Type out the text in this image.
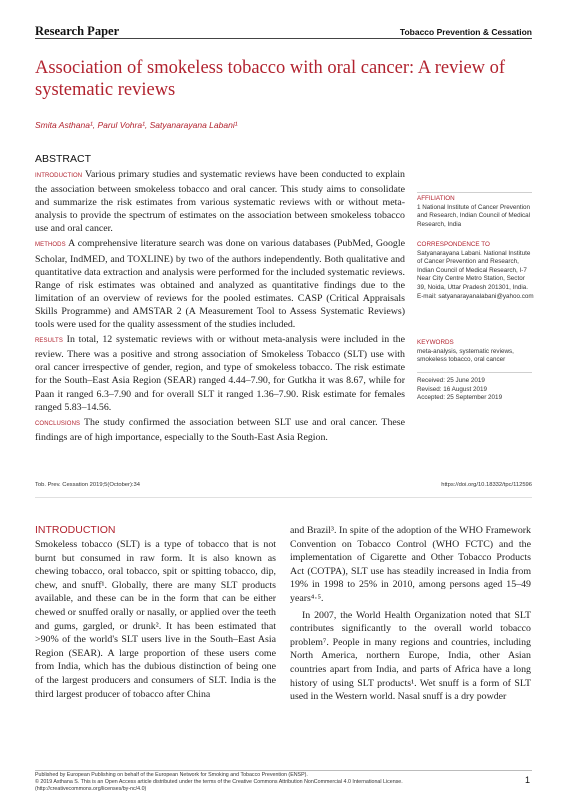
Research Paper	Tobacco Prevention & Cessation
Association of smokeless tobacco with oral cancer: A review of systematic reviews
Smita Asthana¹, Parul Vohra¹, Satyanarayana Labani¹
ABSTRACT

INTRODUCTION Various primary studies and systematic reviews have been conducted to explain the association between smokeless tobacco and oral cancer. This study aims to consolidate and summarize the risk estimates from various systematic reviews with or without meta-analysis to provide the spectrum of estimates on the association between smokeless tobacco use and oral cancer.

METHODS A comprehensive literature search was done on various databases (PubMed, Google Scholar, IndMED, and TOXLINE) by two of the authors independently. Both qualitative and quantitative data extraction and analysis were performed for the included systematic reviews. Range of risk estimates was obtained and analyzed as quantitative findings due to the limitation of an overview of reviews for the pooled estimates. CASP (Critical Appraisals Skills Programme) and AMSTAR 2 (A Measurement Tool to Assess Systematic Reviews) tools were used for the quality assessment of the studies included.

RESULTS In total, 12 systematic reviews with or without meta-analysis were included in the review. There was a positive and strong association of Smokeless Tobacco (SLT) use with oral cancer irrespective of gender, region, and type of smokeless tobacco. The risk estimate for the South–East Asia Region (SEAR) ranged 4.44–7.90, for Gutkha it was 8.67, while for Paan it ranged 6.3–7.90 and for overall SLT it ranged 1.36–7.90. Risk estimate for females ranged 5.83–14.56.

CONCLUSIONS The study confirmed the association between SLT use and oral cancer. These findings are of high importance, especially to the South-East Asia Region.

AFFILIATION
1 National Institute of Cancer Prevention and Research, Indian Council of Medical Research, India
CORRESPONDENCE TO
Satyanarayana Labani. National Institute of Cancer Prevention and Research, Indian Council of Medical Research, I-7 Near City Centre Metro Station, Sector 39, Noida, Uttar Pradesh 201301, India. E-mail: satyanarayanalabani@yahoo.com
KEYWORDS
meta-analysis, systematic reviews, smokeless tobacco, oral cancer
Received: 25 June 2019
Revised: 16 August 2019
Accepted: 25 September 2019
Tob. Prev. Cessation 2019;5(October):34	https://doi.org/10.18332/tpc/112596
INTRODUCTION

Smokeless tobacco (SLT) is a type of tobacco that is not burnt but consumed in raw form. It is also known as chewing tobacco, oral tobacco, spit or spitting tobacco, dip, chew, and snuff¹. Globally, there are many SLT products available, and these can be in the form that can be either chewed or snuffed orally or nasally, or applied over the teeth and gums, gargled, or drunk². It has been estimated that >90% of the world's SLT users live in the South–East Asia Region (SEAR). A large proportion of these users come from India, which has the dubious distinction of being one of the largest producers and consumers of SLT. India is the third largest producer of tobacco after China

and Brazil³. In spite of the adoption of the WHO Framework Convention on Tobacco Control (WHO FCTC) and the implementation of Cigarette and Other Tobacco Products Act (COTPA), SLT use has steadily increased in India from 19% in 1998 to 25% in 2010, among persons aged 15–49 years⁴·⁵.

In 2007, the World Health Organization noted that SLT contributes significantly to the overall world tobacco problem⁷. People in many regions and countries, including North America, northern Europe, India, other Asian countries apart from India, and parts of Africa have a long history of using SLT products¹. Wet snuff is a form of SLT used in the Western world. Nasal snuff is a dry powder

Published by European Publishing on behalf of the European Network for Smoking and Tobacco Prevention (ENSP).
© 2019 Asthana S. This is an Open Access article distributed under the terms of the Creative Commons Attribution NonCommercial 4.0 International License.
(http://creativecommons.org/licenses/by-nc/4.0)
1
